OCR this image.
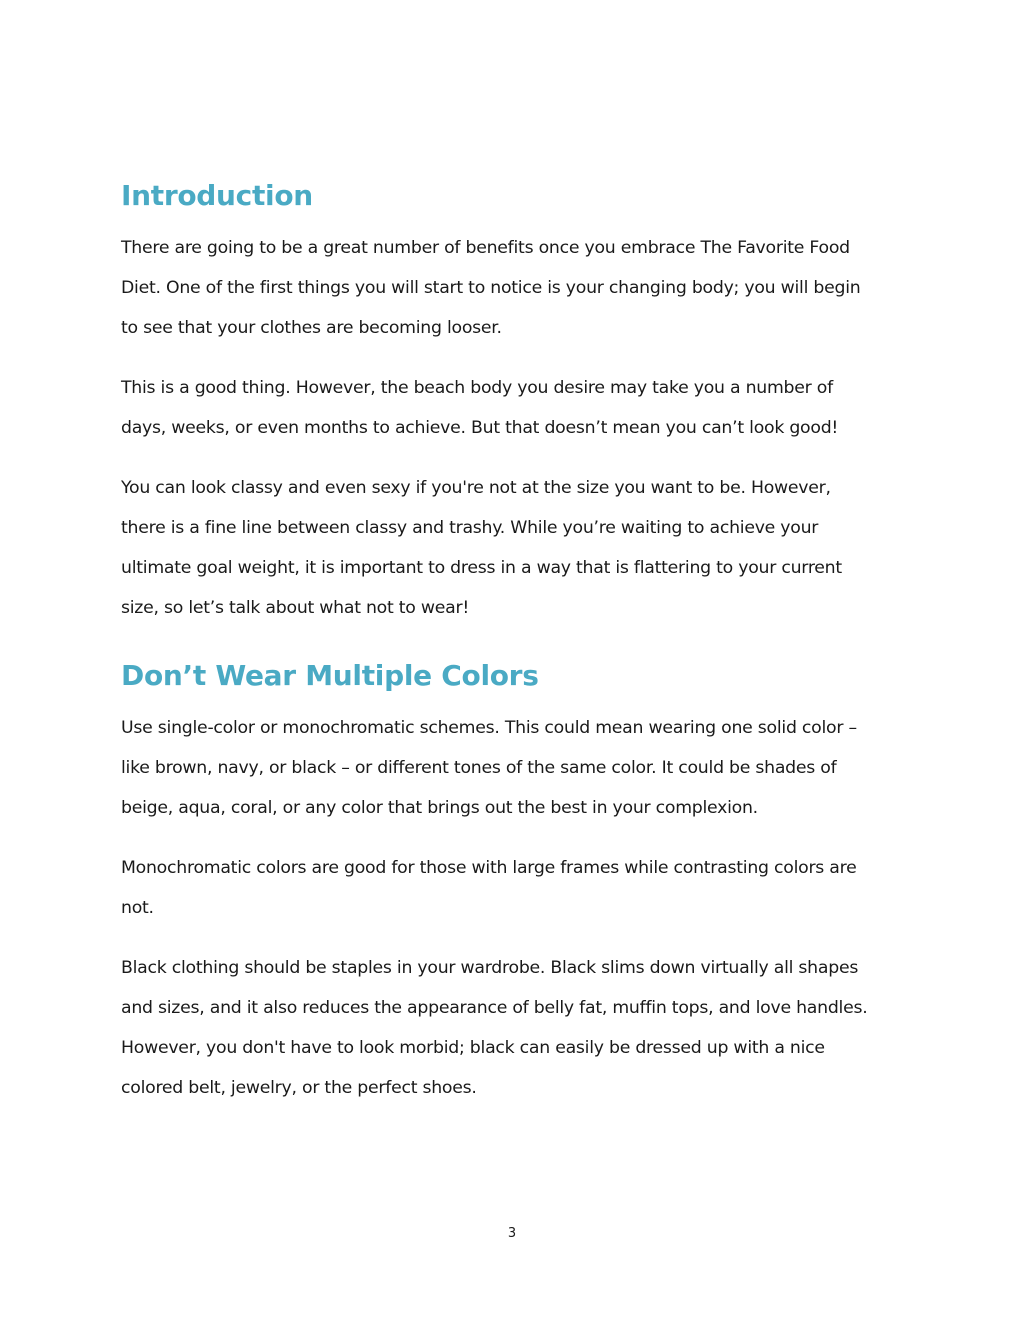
Introduction

There are going to be a great number of benefits once you embrace The Favorite Food
Diet. One of the first things you will start to notice is your changing body; you will begin
to see that your clothes are becoming looser.

This is a good thing. However, the beach body you desire may take you a number of
days, weeks, or even months to achieve. But that doesn’t mean you can’t look good!

You can look classy and even sexy if you're not at the size you want to be. However,
there is a fine line between classy and trashy. While you’re waiting to achieve your
ultimate goal weight, it is important to dress in a way that is flattering to your current
size, so let’s talk about what not to wear!

Don’t Wear Multiple Colors

Use single-color or monochromatic schemes. This could mean wearing one solid color –
like brown, navy, or black – or different tones of the same color. It could be shades of
beige, aqua, coral, or any color that brings out the best in your complexion.

Monochromatic colors are good for those with large frames while contrasting colors are
not.

Black clothing should be staples in your wardrobe. Black slims down virtually all shapes
and sizes, and it also reduces the appearance of belly fat, muffin tops, and love handles.
However, you don't have to look morbid; black can easily be dressed up with a nice
colored belt, jewelry, or the perfect shoes.

3
